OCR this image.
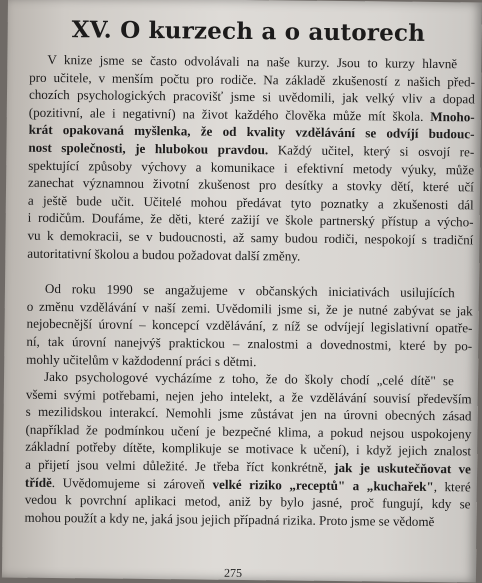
XV. O kurzech a o autorech
V knize jsme se často odvolávali na naše kurzy. Jsou to kurzy hlavně
pro učitele, v menším počtu pro rodiče. Na základě zkušeností z našich před-
chozích psychologických pracovišť jsme si uvědomili, jak velký vliv a dopad
(pozitivní, ale i negativní) na život každého člověka může mít škola. Mnoho-
krát opakovaná myšlenka, že od kvality vzdělávání se odvíjí budouc-
nost společnosti, je hlubokou pravdou. Každý učitel, který si osvojí re-
spektující způsoby výchovy a komunikace i efektivní metody výuky, může
zanechat významnou životní zkušenost pro desítky a stovky dětí, které učí
a ještě bude učit. Učitelé mohou předávat tyto poznatky a zkušenosti dál
i rodičům. Doufáme, že děti, které zažijí ve škole partnerský přístup a výcho-
vu k demokracii, se v budoucnosti, až samy budou rodiči, nespokojí s tradiční
autoritativní školou a budou požadovat další změny.
Od roku 1990 se angažujeme v občanských iniciativách usilujících
o změnu vzdělávání v naší zemi. Uvědomili jsme si, že je nutné zabývat se jak
nejobecnější úrovní – koncepcí vzdělávání, z níž se odvíjejí legislativní opatře-
ní, tak úrovní nanejvýš praktickou – znalostmi a dovednostmi, které by po-
mohly učitelům v každodenní práci s dětmi.
Jako psychologové vycházíme z toho, že do školy chodí „celé dítě" se
všemi svými potřebami, nejen jeho intelekt, a že vzdělávání souvisí především
s mezilidskou interakcí. Nemohli jsme zůstávat jen na úrovni obecných zásad
(například že podmínkou učení je bezpečné klima, a pokud nejsou uspokojeny
základní potřeby dítěte, komplikuje se motivace k učení), i když jejich znalost
a přijetí jsou velmi důležité. Je třeba říct konkrétně, jak je uskutečňovat ve
třídě. Uvědomujeme si zároveň velké riziko „receptů" a „kuchařek", které
vedou k povrchní aplikaci metod, aniž by bylo jasné, proč fungují, kdy se
mohou použít a kdy ne, jaká jsou jejich případná rizika. Proto jsme se vědomě
275
